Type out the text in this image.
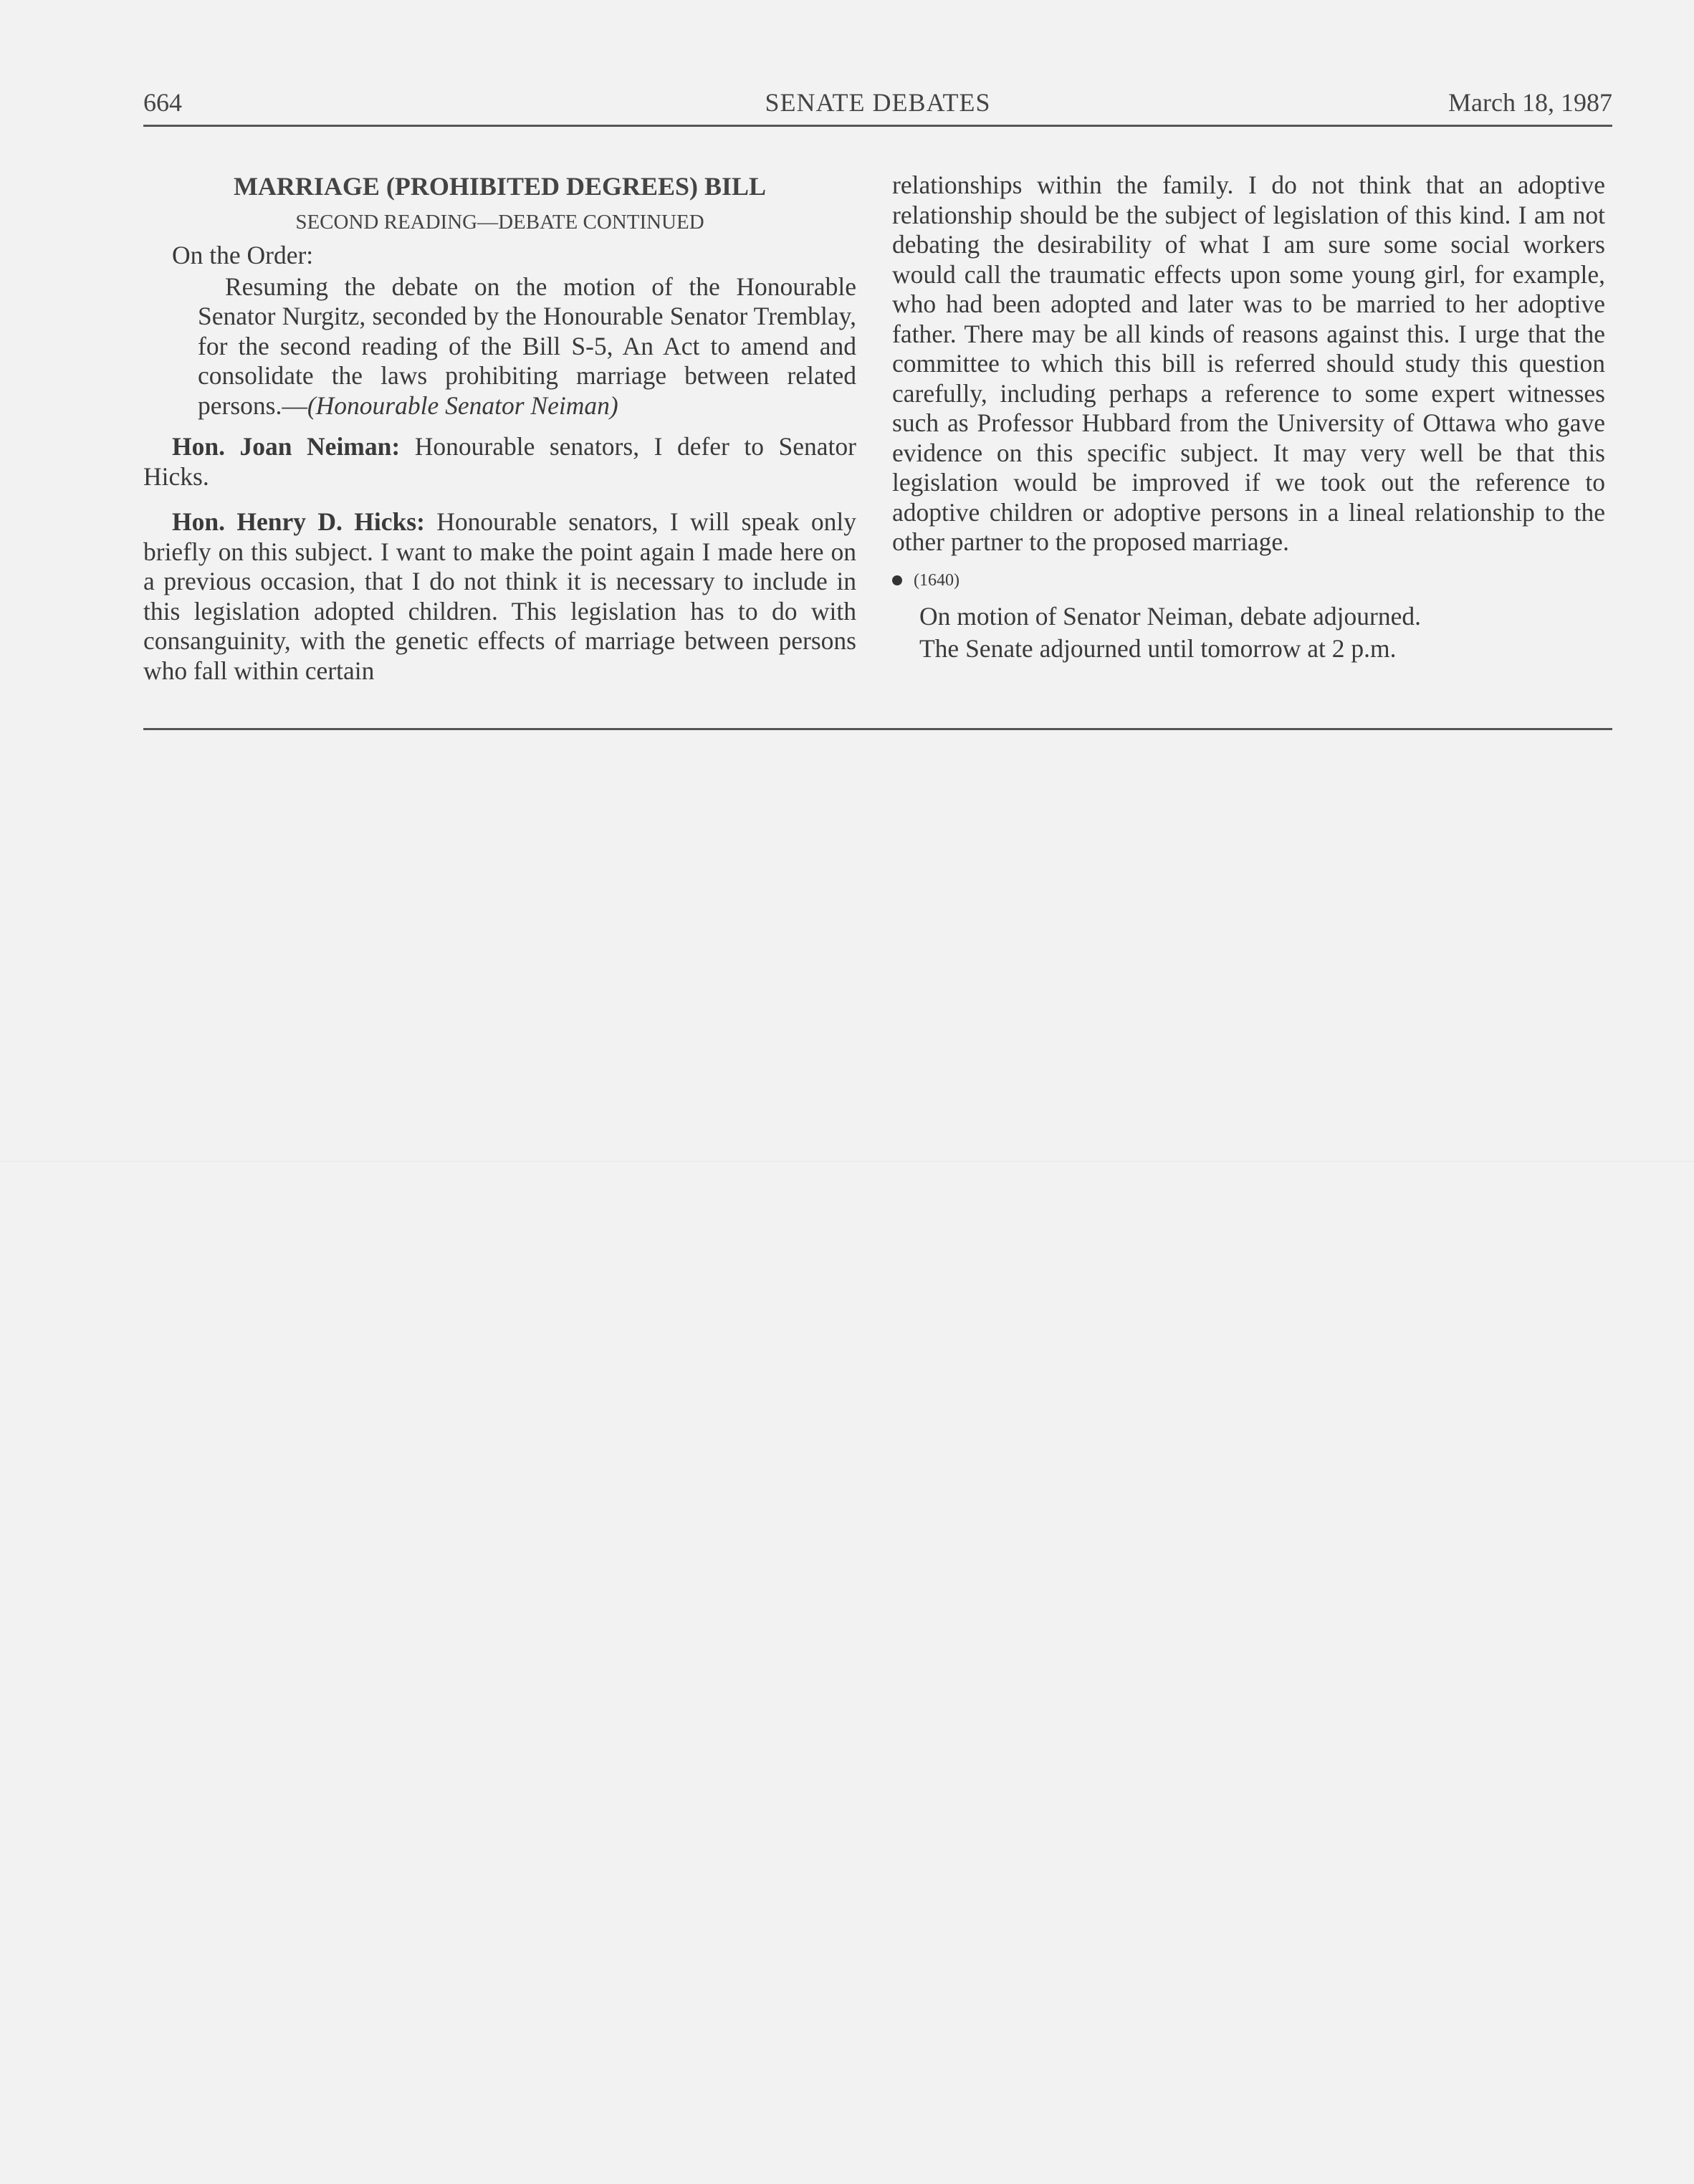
664	SENATE DEBATES	March 18, 1987
MARRIAGE (PROHIBITED DEGREES) BILL
SECOND READING—DEBATE CONTINUED
On the Order:
Resuming the debate on the motion of the Honourable Senator Nurgitz, seconded by the Honourable Senator Tremblay, for the second reading of the Bill S-5, An Act to amend and consolidate the laws prohibiting marriage between related persons.—(Honourable Senator Neiman)
Hon. Joan Neiman: Honourable senators, I defer to Senator Hicks.
Hon. Henry D. Hicks: Honourable senators, I will speak only briefly on this subject. I want to make the point again I made here on a previous occasion, that I do not think it is necessary to include in this legislation adopted children. This legislation has to do with consanguinity, with the genetic effects of marriage between persons who fall within certain
relationships within the family. I do not think that an adoptive relationship should be the subject of legislation of this kind. I am not debating the desirability of what I am sure some social workers would call the traumatic effects upon some young girl, for example, who had been adopted and later was to be married to her adoptive father. There may be all kinds of reasons against this. I urge that the committee to which this bill is referred should study this question carefully, including perhaps a reference to some expert witnesses such as Professor Hubbard from the University of Ottawa who gave evidence on this specific subject. It may very well be that this legislation would be improved if we took out the reference to adoptive children or adoptive persons in a lineal relationship to the other partner to the proposed marriage.
(1640)
On motion of Senator Neiman, debate adjourned.
The Senate adjourned until tomorrow at 2 p.m.
